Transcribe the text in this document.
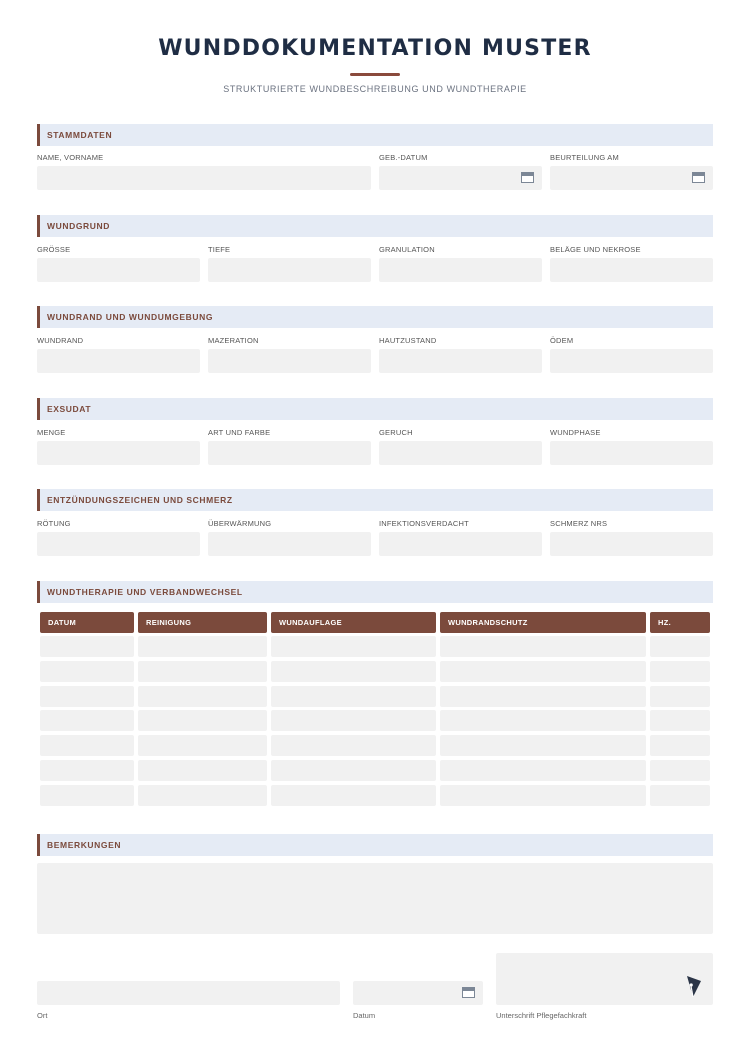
WUNDDOKUMENTATION MUSTER
STRUKTURIERTE WUNDBESCHREIBUNG UND WUNDTHERAPIE
STAMMDATEN
NAME, VORNAME	GEB.-DATUM	BEURTEILUNG AM
WUNDGRUND
GRÖSSE	TIEFE	GRANULATION	BELÄGE UND NEKROSE
WUNDRAND UND WUNDUMGEBUNG
WUNDRAND	MAZERATION	HAUTZUSTAND	ÖDEM
EXSUDAT
MENGE	ART UND FARBE	GERUCH	WUNDPHASE
ENTZÜNDUNGSZEICHEN UND SCHMERZ
RÖTUNG	ÜBERWÄRMUNG	INFEKTIONSVERDACHT	SCHMERZ NRS
WUNDTHERAPIE UND VERBANDWECHSEL
DATUM	REINIGUNG	WUNDAUFLAGE	WUNDRANDSCHUTZ	HZ.
BEMERKUNGEN
Ort	Datum	Unterschrift Pflegefachkraft
